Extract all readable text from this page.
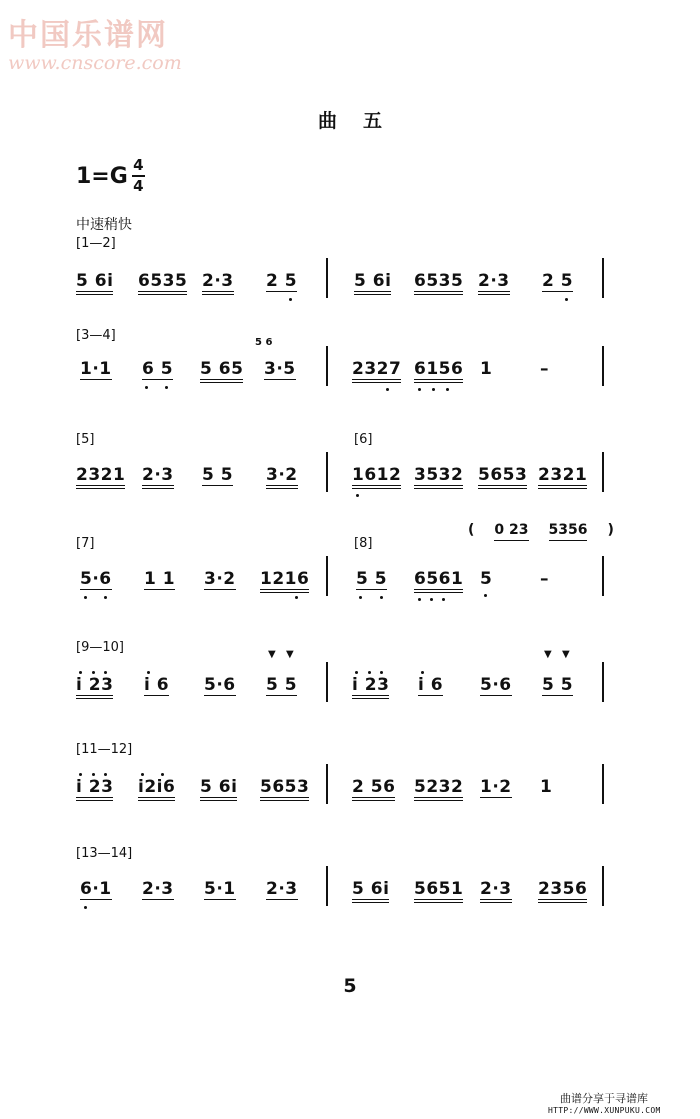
中国乐谱网
www.cnscore.com
曲五
$1=G \frac{4}{4}$
中速稍快
[1—2]
[3—4]
[5]	[6]
[7]	[8]
[9—10]
[11—12]
[13—14]
( 0 23 5356 )
5 6i 6535 2·3 2 5	5 6i 6535 2·3 2 5
1·1 6 5 5 65
5 6
3·5	2327 6156 1	–
2321 2·3 5 5 3·2	1612 3532 5653 2321
5·6 1 1 3·2 1216	5 5 6561 5	–
i 23 i 6 5·6 5 5
▼ ▼
i 23 i 6 5·6 5 5
▼ ▼
i 23 i2i6 5 6i 5653	2 56 5232 1·2 1
6·1 2·3 5·1 2·3	5 6i 5651 2·3 2356
5
曲谱分享于寻谱库
HTTP://WWW.XUNPUKU.COM
